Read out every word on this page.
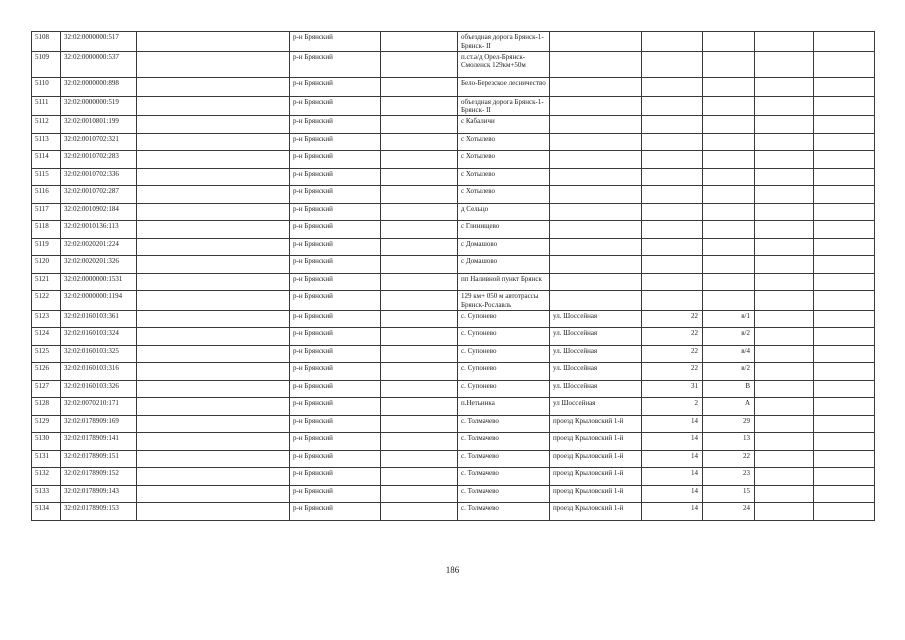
5108	32:02:0000000:517		р-н Брянский		объездная дорога Брянск-1- Брянск- II					
5109	32:02:0000000:537		р-н Брянский		п.ст.а/д Орел-Брянск-Смоленск 129км+50м					
5110	32:02:0000000:898		р-н Брянский		Бело-Березское лесничество					
5111	32:02:0000000:519		р-н Брянский		объездная дорога Брянск-1- Брянск- II					
5112	32:02:0010801:199		р-н Брянский		с Кабаличи					
5113	32:02:0010702:321		р-н Брянский		с Хотылево					
5114	32:02:0010702:283		р-н Брянский		с Хотылево					
5115	32:02:0010702:336		р-н Брянский		с Хотылево					
5116	32:02:0010702:287		р-н Брянский		с Хотылево					
5117	32:02:0010902:184		р-н Брянский		д Сельцо					
5118	32:02:0010136:113		р-н Брянский		с Глинищево					
5119	32:02:0020201:224		р-н Брянский		с Домашово					
5120	32:02:0020201:326		р-н Брянский		с Домашово					
5121	32:02:0000000:1531		р-н Брянский		пп Наливной пункт Брянск					
5122	32:02:0000000:1194		р-н Брянский		129 км+ 050 м автотрассы Брянск-Рославль					
5123	32:02:0160103:361		р-н Брянский		с. Супонево	ул. Шоссейная	22	в/1		
5124	32:02:0160103:324		р-н Брянский		с. Супонево	ул. Шоссейная	22	в/2		
5125	32:02:0160103:325		р-н Брянский		с. Супонево	ул. Шоссейная	22	в/4		
5126	32:02:0160103:316		р-н Брянский		с. Супонево	ул. Шоссейная	22	в/2		
5127	32:02:0160103:326		р-н Брянский		с. Супонево	ул. Шоссейная	31	В		
5128	32:02:0070210:171		р-н Брянский		п.Нетьинка	ул Шоссейная	2	А		
5129	32:02:0178909:169		р-н Брянский		с. Толмачево	проезд Крыловский 1-й	14	29		
5130	32:02:0178909:141		р-н Брянский		с. Толмачево	проезд Крыловский 1-й	14	13		
5131	32:02:0178909:151		р-н Брянский		с. Толмачево	проезд Крыловский 1-й	14	22		
5132	32:02:0178909:152		р-н Брянский		с. Толмачево	проезд Крыловский 1-й	14	23		
5133	32:02:0178909:143		р-н Брянский		с. Толмачево	проезд Крыловский 1-й	14	15		
5134	32:02:0178909:153		р-н Брянский		с. Толмачево	проезд Крыловский 1-й	14	24		
186
